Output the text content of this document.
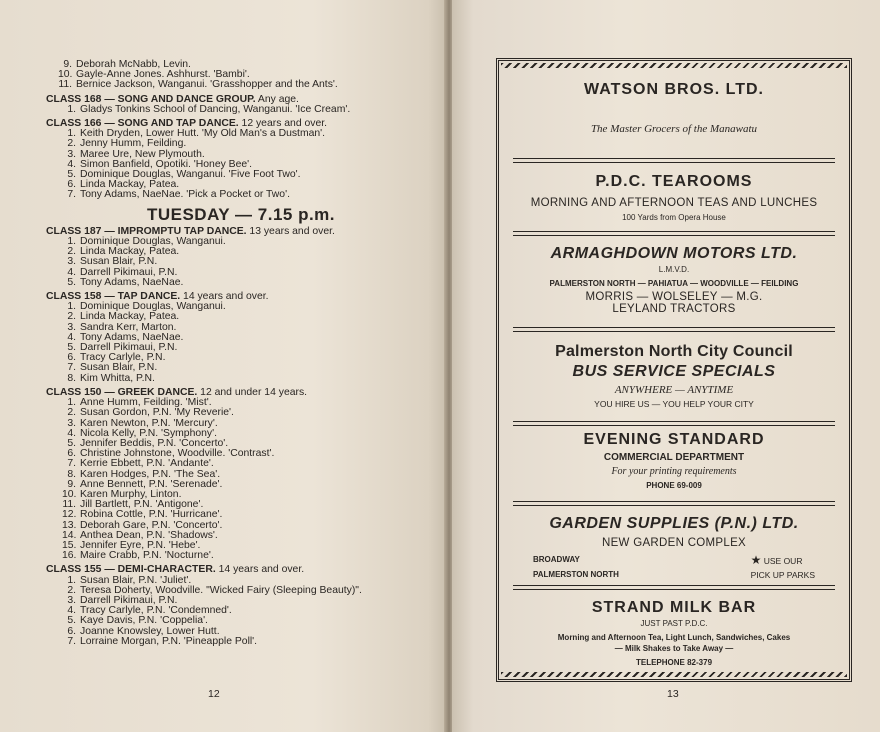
9. Deborah McNabb, Levin.
10. Gayle-Anne Jones. Ashhurst. 'Bambi'.
11. Bernice Jackson, Wanganui. 'Grasshopper and the Ants'.
CLASS 168 — SONG AND DANCE GROUP. Any age.
1. Gladys Tonkins School of Dancing, Wanganui. 'Ice Cream'.
CLASS 166 — SONG AND TAP DANCE. 12 years and over.
1. Keith Dryden, Lower Hutt. 'My Old Man's a Dustman'.
2. Jenny Humm, Feilding.
3. Maree Ure, New Plymouth.
4. Simon Banfield, Opotiki. 'Honey Bee'.
5. Dominique Douglas, Wanganui. 'Five Foot Two'.
6. Linda Mackay, Patea.
7. Tony Adams, NaeNae. 'Pick a Pocket or Two'.
TUESDAY — 7.15 p.m.
CLASS 187 — IMPROMPTU TAP DANCE. 13 years and over.
1. Dominique Douglas, Wanganui.
2. Linda Mackay, Patea.
3. Susan Blair, P.N.
4. Darrell Pikimaui, P.N.
5. Tony Adams, NaeNae.
CLASS 158 — TAP DANCE. 14 years and over.
1. Dominique Douglas, Wanganui.
2. Linda Mackay, Patea.
3. Sandra Kerr, Marton.
4. Tony Adams, NaeNae.
5. Darrell Pikimaui, P.N.
6. Tracy Carlyle, P.N.
7. Susan Blair, P.N.
8. Kim Whitta, P.N.
CLASS 150 — GREEK DANCE. 12 and under 14 years.
1. Anne Humm, Feilding. 'Mist'.
2. Susan Gordon, P.N. 'My Reverie'.
3. Karen Newton, P.N. 'Mercury'.
4. Nicola Kelly, P.N. 'Symphony'.
5. Jennifer Beddis, P.N. 'Concerto'.
6. Christine Johnstone, Woodville. 'Contrast'.
7. Kerrie Ebbett, P.N. 'Andante'.
8. Karen Hodges, P.N. 'The Sea'.
9. Anne Bennett, P.N. 'Serenade'.
10. Karen Murphy, Linton.
11. Jill Bartlett, P.N. 'Antigone'.
12. Robina Cottle, P.N. 'Hurricane'.
13. Deborah Gare, P.N. 'Concerto'.
14. Anthea Dean, P.N. 'Shadows'.
15. Jennifer Eyre, P.N. 'Hebe'.
16. Maire Crabb, P.N. 'Nocturne'.
CLASS 155 — DEMI-CHARACTER. 14 years and over.
1. Susan Blair, P.N. 'Juliet'.
2. Teresa Doherty, Woodville. "Wicked Fairy (Sleeping Beauty)".
3. Darrell Pikimaui, P.N.
4. Tracy Carlyle, P.N. 'Condemned'.
5. Kaye Davis, P.N. 'Coppelia'.
6. Joanne Knowsley, Lower Hutt.
7. Lorraine Morgan, P.N. 'Pineapple Poll'.
12
WATSON BROS. LTD.
The Master Grocers of the Manawatu
P.D.C. TEAROOMS
MORNING AND AFTERNOON TEAS AND LUNCHES
100 Yards from Opera House
ARMAGHDOWN MOTORS LTD.
L.M.V.D.
PALMERSTON NORTH — PAHIATUA — WOODVILLE — FEILDING
MORRIS — WOLSELEY — M.G.
LEYLAND TRACTORS
Palmerston North City Council
BUS SERVICE SPECIALS
ANYWHERE — ANYTIME
YOU HIRE US — YOU HELP YOUR CITY
EVENING STANDARD
COMMERCIAL DEPARTMENT
For your printing requirements
PHONE 69-009
GARDEN SUPPLIES (P.N.) LTD.
NEW GARDEN COMPLEX
BROADWAY
PALMERSTON NORTH
★ USE OUR
PICK UP PARKS
STRAND MILK BAR
JUST PAST P.D.C.
Morning and Afternoon Tea, Light Lunch, Sandwiches, Cakes
— Milk Shakes to Take Away —
TELEPHONE 82-379
13
